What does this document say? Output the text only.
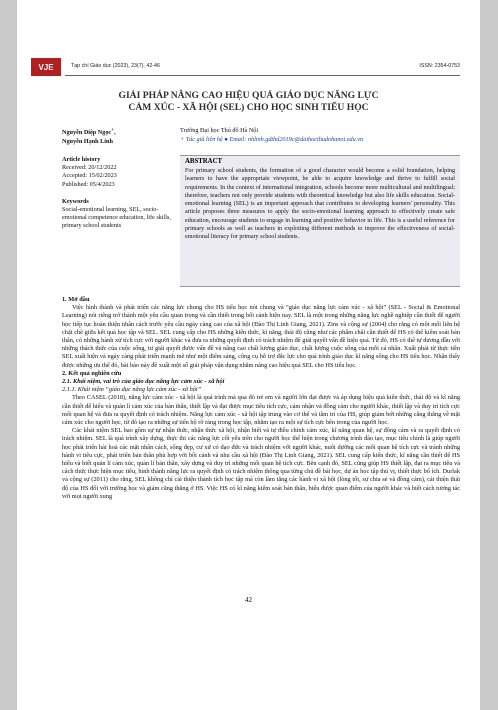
VJE	Tạp chí Giáo dục (2023), 23(7), 42-46	ISSN: 2354-0753
GIẢI PHÁP NÂNG CAO HIỆU QUẢ GIÁO DỤC NĂNG LỰC
CẢM XÚC - XÃ HỘI (SEL) CHO HỌC SINH TIỂU HỌC
Nguyễn Diệp Ngọc+,
Nguyễn Hạnh Linh
Trường Đại học Thủ đô Hà Nội
+ Tác giả liên hệ ● Email: nhlinh.gdthd2019c@daihocthudohanoi.edu.vn
Article history
Received: 20/12/2022
Accepted: 15/02/2023
Published: 05/4/2023
Keywords
Social-emotional learning, SEL, socio-emotional competence education, life skills, primary school students
ABSTRACT
For primary school students, the formation of a good character would become a solid foundation, helping learners to have the appropriate viewpoint, be able to acquire knowledge and thrive to fulfill social requirements. In the context of international integration, schools become more multicultural and multilingual; therefore, teachers not only provide students with theoretical knowledge but also life skills education. Social-emotional learning (SEL) is an important approach that contributes to developing learners' personality. This article proposes three measures to apply the socio-emotional learning approach to effectively create safe education, encourage students to engage in learning and positive behavior in life. This is a useful reference for primary schools as well as teachers in exploiting different methods to improve the effectiveness of social-emotional literacy for primary school students.
1. Mở đầu

Việc hình thành và phát triển các năng lực chung cho HS tiểu học nói chung và “giáo dục năng lực cảm xúc - xã hội” (SEL - Social & Emotional Learning) nói riêng trở thành một yêu cầu quan trọng và cần thiết trong bối cảnh hiện nay. SEL là một trong những năng lực nghề nghiệp cần thiết để người học tiếp tục hoàn thiện nhân cách trước yêu cầu ngày càng cao của xã hội (Đào Thị Linh Giang, 2021). Zins và cộng sự (2004) cho rằng có một mối liên hệ chặt chẽ giữa kết quả học tập và SEL. SEL cung cấp cho HS những kiến thức, kĩ năng, thái độ cũng như các phẩm chất cần thiết để HS có thể kiểm soát bản thân, có những hành xử tích cực với người khác và đưa ra những quyết định có trách nhiệm để giải quyết vấn đề hiệu quả. Từ đó, HS có thể tự dương đầu với những thách thức của cuộc sống, tư giải quyết được vấn đề và nâng cao chất lượng giáo dục, chất lượng cuộc sống của mỗi cá nhân. Xuất phát từ thực tiễn SEL xuất hiện và ngày càng phát triển mạnh mẽ như một điểm sáng, công cụ hỗ trợ đắc lực cho quá trình giáo dục kĩ năng sống cho HS tiểu học. Nhận thấy được những ưu thế đó, bài báo này đề xuất một số giải pháp vận dụng nhằm nâng cao hiệu quả SEL cho HS tiểu học.

2. Kết quả nghiên cứu
2.1. Khái niệm, vai trò của giáo dục năng lực cảm xúc - xã hội
2.1.1. Khái niệm “giáo dục năng lực cảm xúc - xã hội”

Theo CASEL (2018), năng lực cảm xúc - xã hội là quá trình mà qua đó trẻ em và người lớn đạt được và áp dụng hiệu quả kiến thức, thái độ và kĩ năng cần thiết để hiểu và quản lí cảm xúc của bản thân, thiết lập và đạt được mục tiêu tích cực, cảm nhận và đồng cảm cho người khác, thiết lập và duy trì tích cực mối quan hệ và đưa ra quyết định có trách nhiệm. Năng lực cảm xúc - xã hội tập trung vào cơ thể và tâm trí của HS, giúp giảm bớt những căng thẳng về mặt cảm xúc cho người học, từ đó tạo ra những sự tiến bộ rõ ràng trong học tập, nhằm tạo ra một sự tích cực bên trong của người học.

Các khái niệm SEL bao gồm sự tự nhận thức, nhận thức xã hội, nhận biết và tự điều chỉnh cảm xúc, kĩ năng quan hệ, sự đồng cảm và ra quyết định có trách nhiệm. SEL là quá trình xây dựng, thực thi các năng lực cốt yếu trên cho người học thể hiện trong chương trình đào tạo, mục tiêu chính là giúp người học phát triển hài hoà các mặt nhân cách, sống đẹp, cư xử có đạo đức và trách nhiệm với người khác, nuôi dưỡng các mối quan hệ tích cực và tránh những hành vi tiêu cực, phát triển bản thân phù hợp với bối cảnh và nhu cầu xã hội (Đào Thị Linh Giang, 2021). SEL cung cấp kiến thức, kĩ năng cần thiết để HS hiểu và biết quản lí cảm xúc, quản lí bản thân, xây dựng và duy trì những mối quan hệ tích cực. Bên cạnh đó, SEL cũng giúp HS thiết lập, đạt ra mục tiêu và cách thức thực hiện mục tiêu, hình thành năng lực ra quyết định có trách nhiệm thông qua từng chủ đề bài học, dự án học tập thú vị, thiết thực bổ ích. Durlak và cộng sự (2011) cho rằng, SEL không chỉ cải thiện thành tích học tập mà còn làm tăng các hành vi xã hội (lòng tốt, sự chia sẻ và đồng cảm), cải thiện thái độ của HS đối với trường học và giảm căng thẳng ở HS. Việc HS có kĩ năng kiểm soát bản thân, hiểu được quan điểm của người khác và biết cách tương tác với mọi người xung

42
